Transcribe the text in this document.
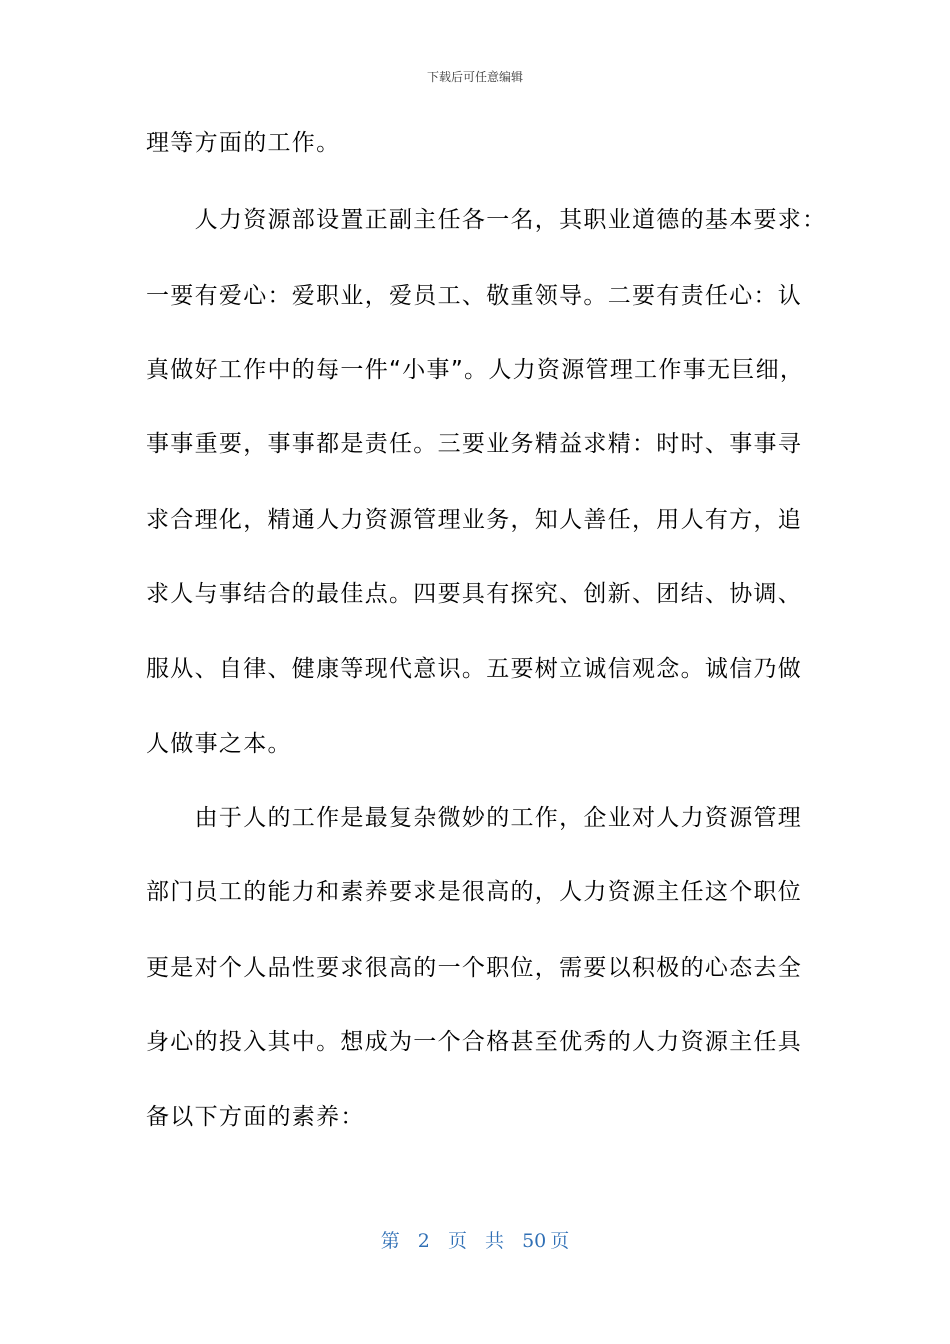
下载后可任意编辑
理等方面的工作。
　　人力资源部设置正副主任各一名，其职业道德的基本要求：
一要有爱心：爱职业，爱员工、敬重领导。二要有责任心：认
真做好工作中的每一件“小事”。人力资源管理工作事无巨细，
事事重要，事事都是责任。三要业务精益求精：时时、事事寻
求合理化，精通人力资源管理业务，知人善任，用人有方，追
求人与事结合的最佳点。四要具有探究、创新、团结、协调、
服从、自律、健康等现代意识。五要树立诚信观念。诚信乃做
人做事之本。
　　由于人的工作是最复杂微妙的工作，企业对人力资源管理
部门员工的能力和素养要求是很高的，人力资源主任这个职位
更是对个人品性要求很高的一个职位，需要以积极的心态去全
身心的投入其中。想成为一个合格甚至优秀的人力资源主任具
备以下方面的素养：
第 2 页 共 50 页
